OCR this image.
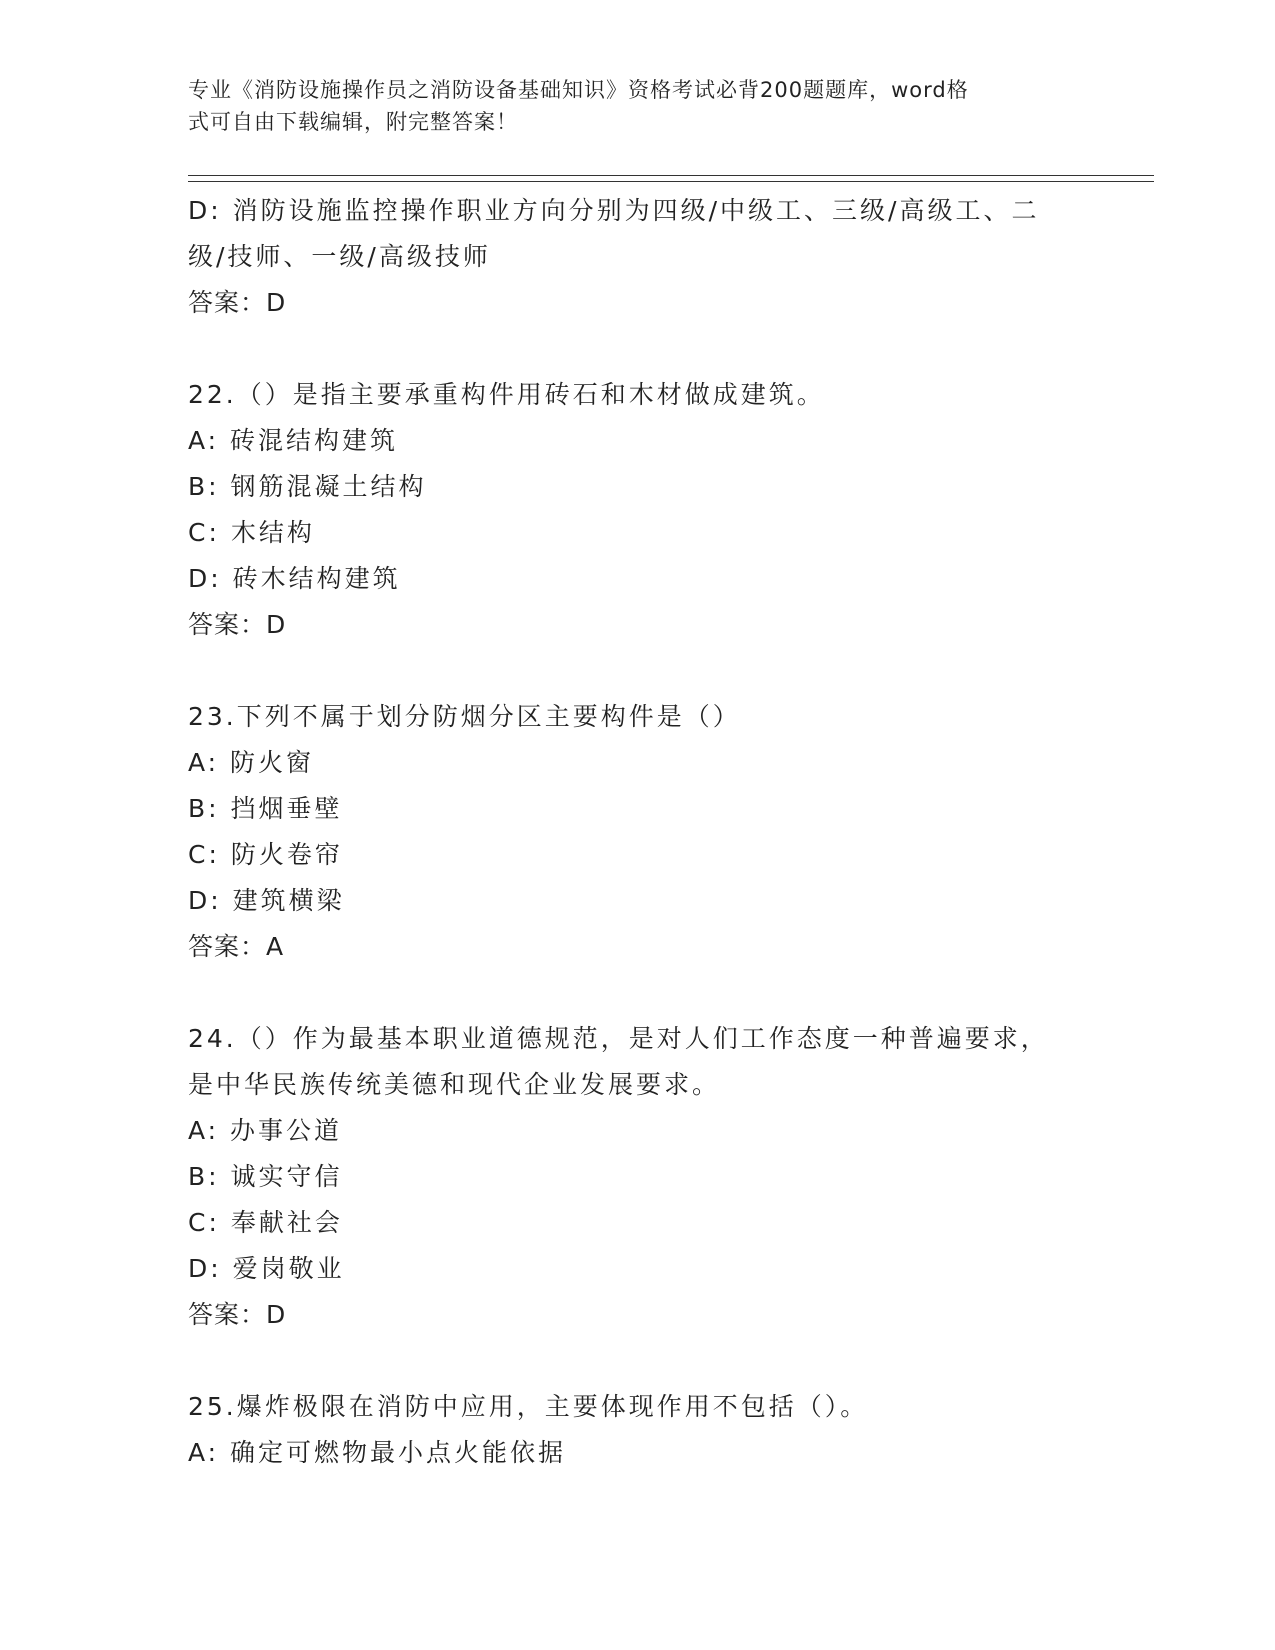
专业《消防设施操作员之消防设备基础知识》资格考试必背200题题库，word格
式可自由下载编辑，附完整答案！
D: 消防设施监控操作职业方向分别为四级/中级工、三级/高级工、二
级/技师、一级/高级技师
答案：D
22.（）是指主要承重构件用砖石和木材做成建筑。
A: 砖混结构建筑
B: 钢筋混凝土结构
C: 木结构
D: 砖木结构建筑
答案：D
23.下列不属于划分防烟分区主要构件是（）
A: 防火窗
B: 挡烟垂壁
C: 防火卷帘
D: 建筑横梁
答案：A
24.（）作为最基本职业道德规范，是对人们工作态度一种普遍要求，
是中华民族传统美德和现代企业发展要求。
A: 办事公道
B: 诚实守信
C: 奉献社会
D: 爱岗敬业
答案：D
25.爆炸极限在消防中应用，主要体现作用不包括（）。
A: 确定可燃物最小点火能依据
